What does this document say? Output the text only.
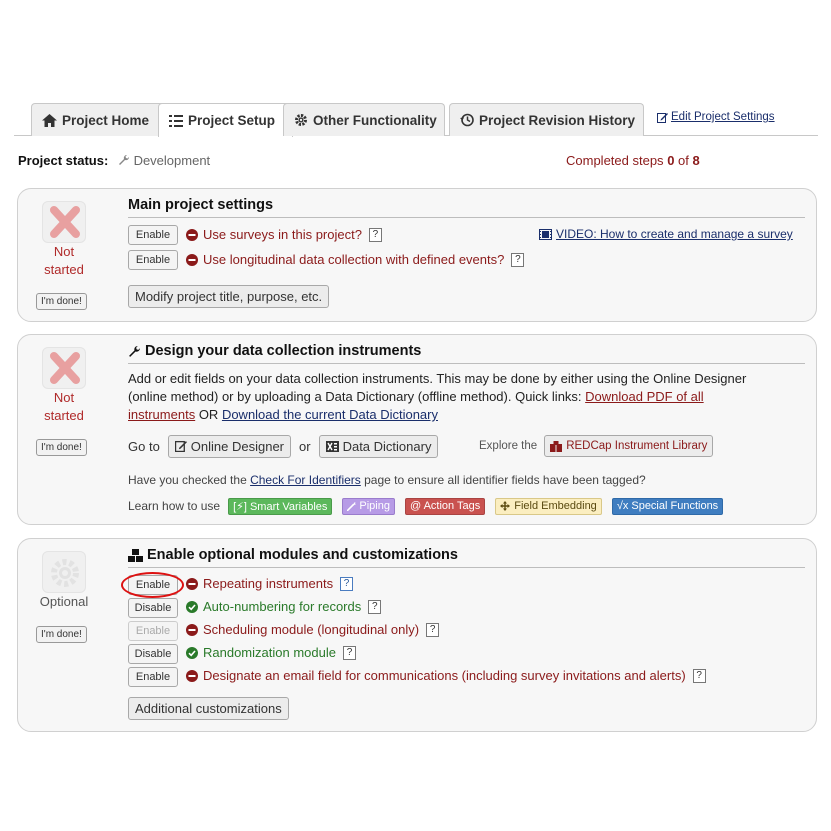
Project Home	Project Setup	Other Functionality	Project Revision History	Edit Project Settings
Project status: Development	Completed steps 0 of 8
Not
started
I'm done!
Main project settings
Enable	Use surveys in this project?	?	VIDEO: How to create and manage a survey
Enable	Use longitudinal data collection with defined events?	?
Modify project title, purpose, etc.
Not
started
I'm done!
Design your data collection instruments
Add or edit fields on your data collection instruments. This may be done by either using the Online Designer (online method) or by uploading a Data Dictionary (offline method). Quick links: Download PDF of all instruments OR Download the current Data Dictionary
Go to Online Designer or Data Dictionary	Explore the	REDCap Instrument Library
Have you checked the Check For Identifiers page to ensure all identifier fields have been tagged?
Learn how to use	[⚡] Smart Variables	Piping	@ Action Tags	Field Embedding √x Special Functions
Optional
I'm done!
Enable optional modules and customizations
Enable	Repeating instruments	?
Disable	Auto-numbering for records	?
Enable	Scheduling module (longitudinal only)	?
Disable	Randomization module	?
Enable	Designate an email field for communications (including survey invitations and alerts)	?
Additional customizations
